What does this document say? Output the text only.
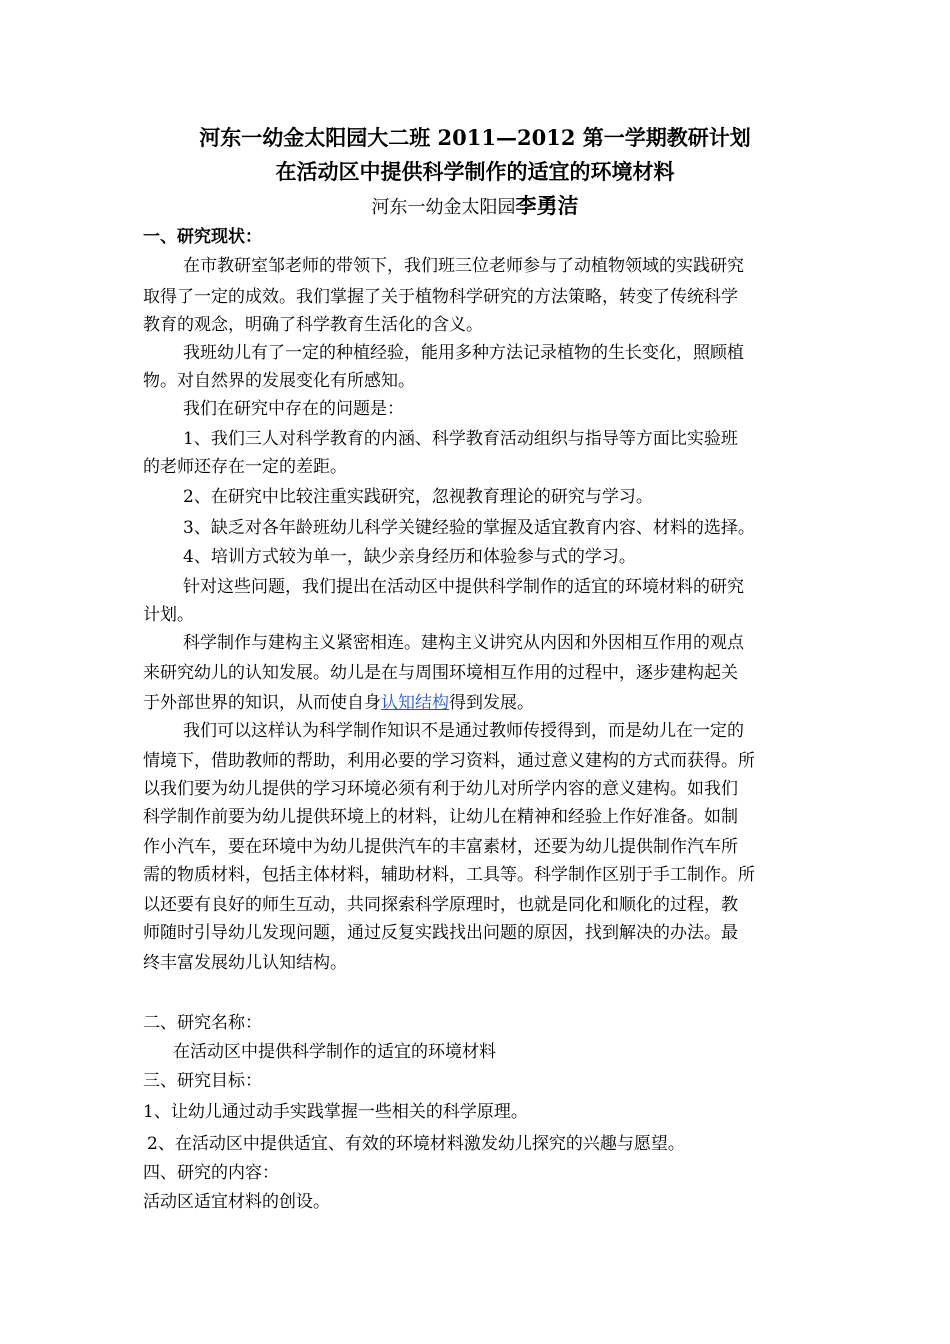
河东一幼金太阳园大二班 2011—2012 第一学期教研计划
在活动区中提供科学制作的适宜的环境材料
河东一幼金太阳园李勇洁
一、研究现状：
在市教研室邹老师的带领下，我们班三位老师参与了动植物领域的实践研究
取得了一定的成效。我们掌握了关于植物科学研究的方法策略，转变了传统科学
教育的观念，明确了科学教育生活化的含义。
我班幼儿有了一定的种植经验，能用多种方法记录植物的生长变化，照顾植
物。对自然界的发展变化有所感知。
我们在研究中存在的问题是：
1、我们三人对科学教育的内涵、科学教育活动组织与指导等方面比实验班
的老师还存在一定的差距。
2、在研究中比较注重实践研究，忽视教育理论的研究与学习。
3、缺乏对各年龄班幼儿科学关键经验的掌握及适宜教育内容、材料的选择。
4、培训方式较为单一，缺少亲身经历和体验参与式的学习。
针对这些问题，我们提出在活动区中提供科学制作的适宜的环境材料的研究
计划。
科学制作与建构主义紧密相连。建构主义讲究从内因和外因相互作用的观点
来研究幼儿的认知发展。幼儿是在与周围环境相互作用的过程中，逐步建构起关
于外部世界的知识，从而使自身认知结构得到发展。
我们可以这样认为科学制作知识不是通过教师传授得到，而是幼儿在一定的
情境下，借助教师的帮助，利用必要的学习资料，通过意义建构的方式而获得。所
以我们要为幼儿提供的学习环境必须有利于幼儿对所学内容的意义建构。如我们
科学制作前要为幼儿提供环境上的材料，让幼儿在精神和经验上作好准备。如制
作小汽车，要在环境中为幼儿提供汽车的丰富素材，还要为幼儿提供制作汽车所
需的物质材料，包括主体材料，辅助材料，工具等。科学制作区别于手工制作。所
以还要有良好的师生互动，共同探索科学原理时，也就是同化和顺化的过程，教
师随时引导幼儿发现问题，通过反复实践找出问题的原因，找到解决的办法。最
终丰富发展幼儿认知结构。
二、研究名称：
在活动区中提供科学制作的适宜的环境材料
三、研究目标：
1、让幼儿通过动手实践掌握一些相关的科学原理。
2、在活动区中提供适宜、有效的环境材料激发幼儿探究的兴趣与愿望。
四、研究的内容：
活动区适宜材料的创设。
